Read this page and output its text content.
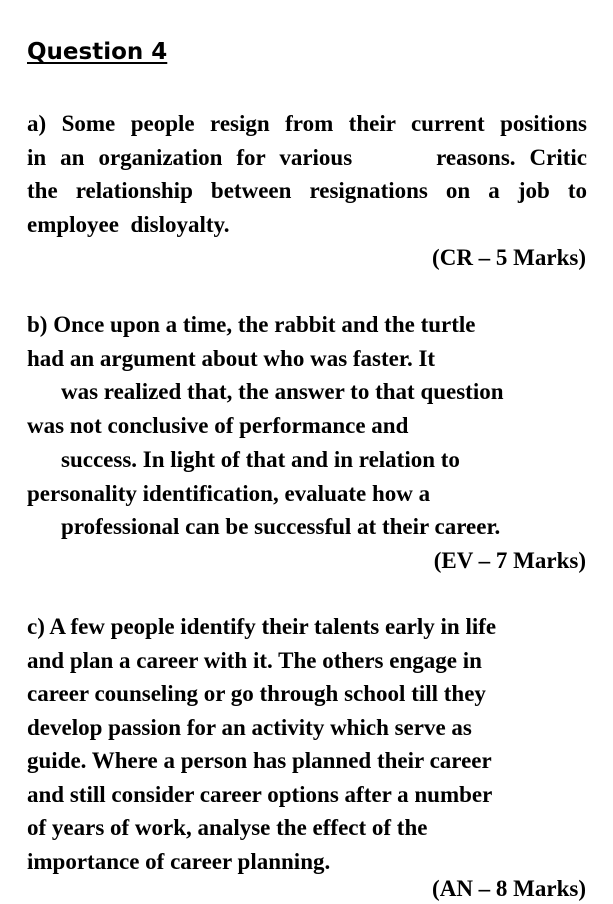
Question 4

a) Some people resign from their current positions

in an organization for various      reasons. Critic

the relationship between resignations on a job to

employee  disloyalty.

(CR – 5 Marks)

b) Once upon a time, the rabbit and the turtle

had an argument about who was faster. It

was realized that, the answer to that question

was not conclusive of performance and

success. In light of that and in relation to

personality identification, evaluate how a

professional can be successful at their career.

(EV – 7 Marks)

c) A few people identify their talents early in life

and plan a career with it. The others engage in

career counseling or go through school till they

develop passion for an activity which serve as

guide. Where a person has planned their career

and still consider career options after a number

of years of work, analyse the effect of the

importance of career planning.

(AN – 8 Marks)
